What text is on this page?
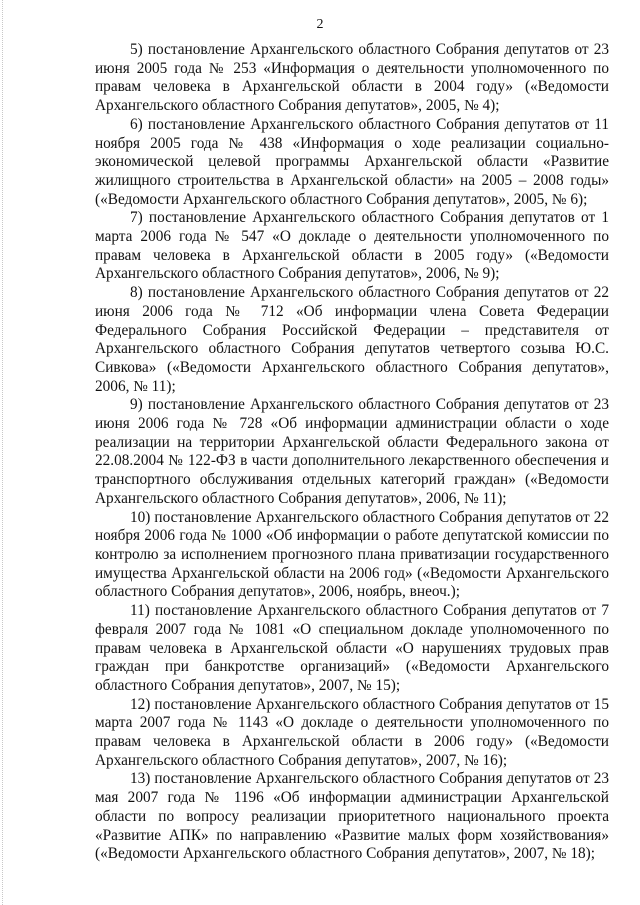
2

5) постановление Архангельского областного Собрания депутатов от 23 июня 2005 года № 253 «Информация о деятельности уполномоченного по правам человека в Архангельской области в 2004 году» («Ведомости Архангельского областного Собрания депутатов», 2005, № 4);

6) постановление Архангельского областного Собрания депутатов от 11 ноября 2005 года № 438 «Информация о ходе реализации социально-экономической целевой программы Архангельской области «Развитие жилищного строительства в Архангельской области» на 2005 – 2008 годы» («Ведомости Архангельского областного Собрания депутатов», 2005, № 6);

7) постановление Архангельского областного Собрания депутатов от 1 марта 2006 года № 547 «О докладе о деятельности уполномоченного по правам человека в Архангельской области в 2005 году» («Ведомости Архангельского областного Собрания депутатов», 2006, № 9);

8) постановление Архангельского областного Собрания депутатов от 22 июня 2006 года № 712 «Об информации члена Совета Федерации Федерального Собрания Российской Федерации – представителя от Архангельского областного Собрания депутатов четвертого созыва Ю.С. Сивкова» («Ведомости Архангельского областного Собрания депутатов», 2006, № 11);

9) постановление Архангельского областного Собрания депутатов от 23 июня 2006 года № 728 «Об информации администрации области о ходе реализации на территории Архангельской области Федерального закона от 22.08.2004 № 122-ФЗ в части дополнительного лекарственного обеспечения и транспортного обслуживания отдельных категорий граждан» («Ведомости Архангельского областного Собрания депутатов», 2006, № 11);

10) постановление Архангельского областного Собрания депутатов от 22 ноября 2006 года № 1000 «Об информации о работе депутатской комиссии по контролю за исполнением прогнозного плана приватизации государственного имущества Архангельской области на 2006 год» («Ведомости Архангельского областного Собрания депутатов», 2006, ноябрь, внеоч.);

11) постановление Архангельского областного Собрания депутатов от 7 февраля 2007 года № 1081 «О специальном докладе уполномоченного по правам человека в Архангельской области «О нарушениях трудовых прав граждан при банкротстве организаций» («Ведомости Архангельского областного Собрания депутатов», 2007, № 15);

12) постановление Архангельского областного Собрания депутатов от 15 марта 2007 года № 1143 «О докладе о деятельности уполномоченного по правам человека в Архангельской области в 2006 году» («Ведомости Архангельского областного Собрания депутатов», 2007, № 16);

13) постановление Архангельского областного Собрания депутатов от 23 мая 2007 года № 1196 «Об информации администрации Архангельской области по вопросу реализации приоритетного национального проекта «Развитие АПК» по направлению «Развитие малых форм хозяйствования» («Ведомости Архангельского областного Собрания депутатов», 2007, № 18);
